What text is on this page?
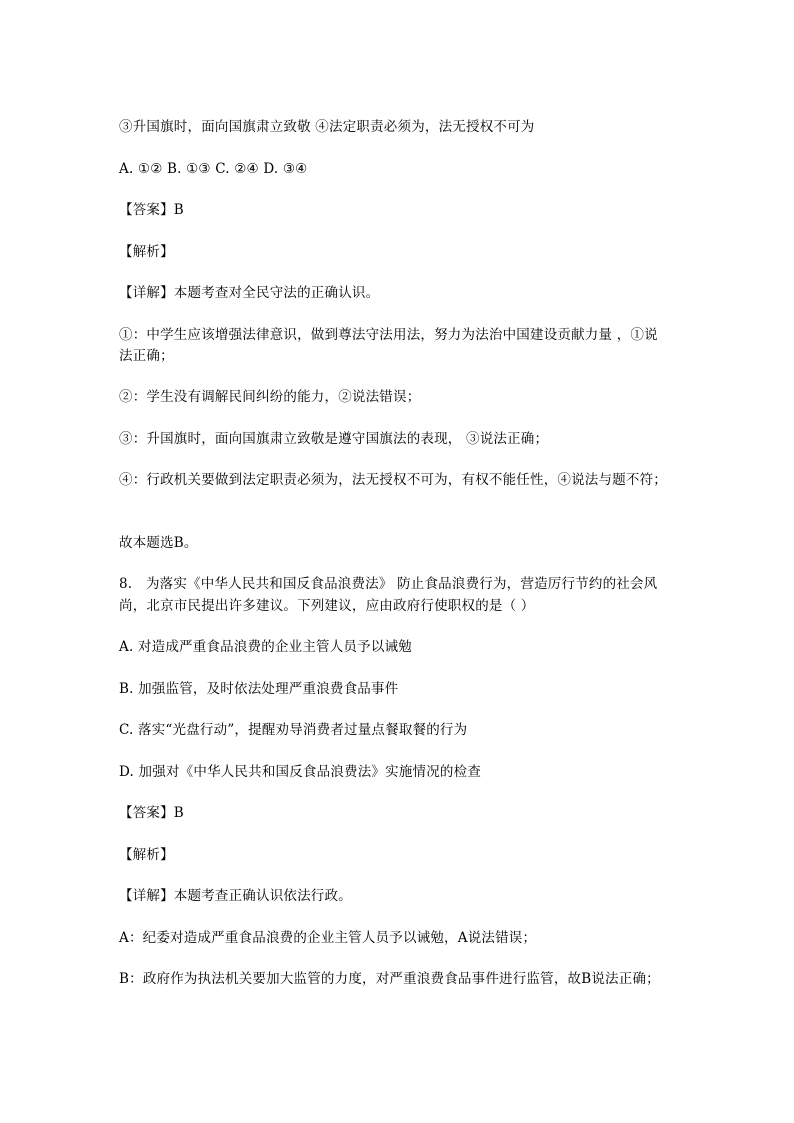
③升国旗时，面向国旗肃立致敬 ④法定职责必须为，法无授权不可为
A. ①② B. ①③ C. ②④ D. ③④
【答案】B
【解析】
【详解】本题考查对全民守法的正确认识。
①：中学生应该增强法律意识，做到尊法守法用法，努力为法治中国建设贡献力量 ，①说
法正确；
②：学生没有调解民间纠纷的能力，②说法错误；
③：升国旗时，面向国旗肃立致敬是遵守国旗法的表现， ③说法正确；
④：行政机关要做到法定职责必须为，法无授权不可为，有权不能任性，④说法与题不符；
故本题选B。
8.　为落实《中华人民共和国反食品浪费法》 防止食品浪费行为，营造厉行节约的社会风
尚，北京市民提出许多建议。下列建议，应由政府行使职权的是（ ）
A. 对造成严重食品浪费的企业主管人员予以诫勉
B. 加强监管，及时依法处理严重浪费食品事件
C. 落实“光盘行动”，提醒劝导消费者过量点餐取餐的行为
D. 加强对《中华人民共和国反食品浪费法》实施情况的检查
【答案】B
【解析】
【详解】本题考查正确认识依法行政。
A：纪委对造成严重食品浪费的企业主管人员予以诫勉，A说法错误；
B：政府作为执法机关要加大监管的力度，对严重浪费食品事件进行监管，故B说法正确；
